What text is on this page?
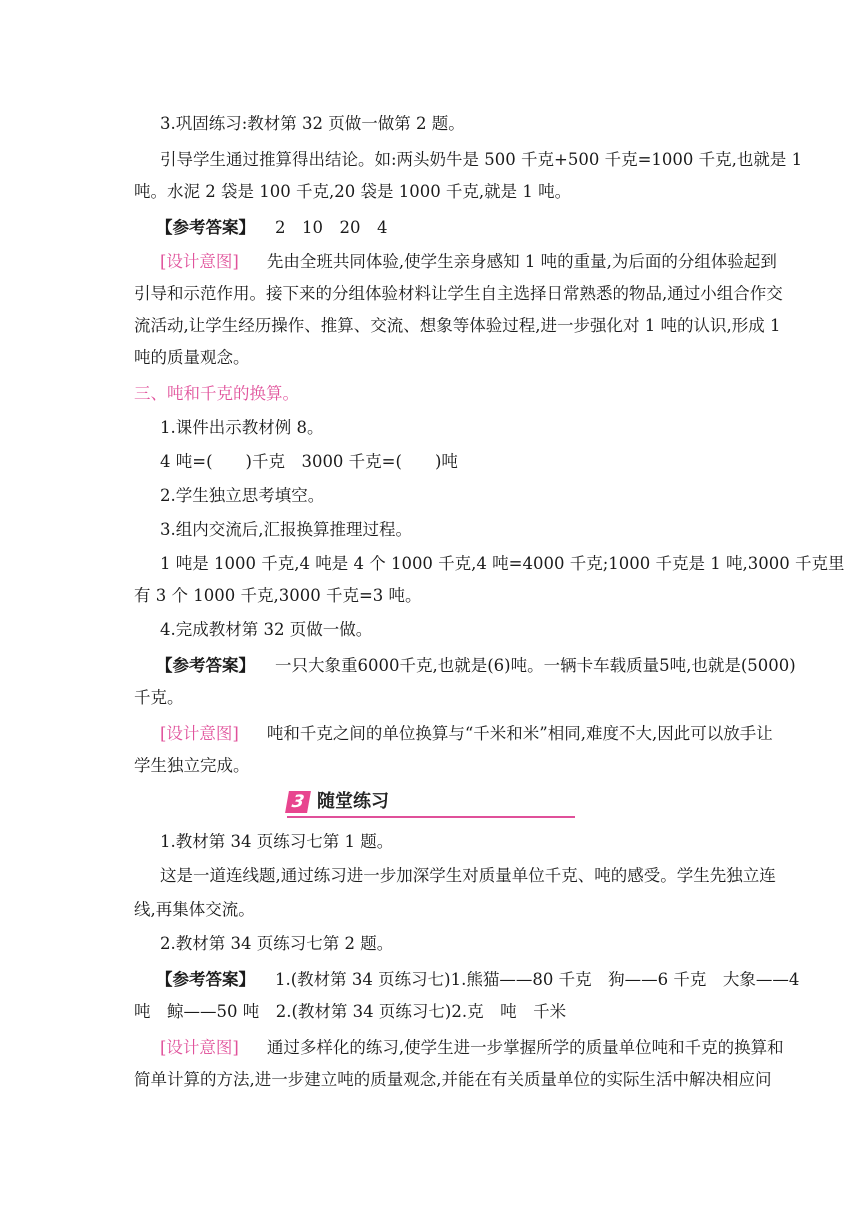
3.巩固练习:教材第 32 页做一做第 2 题。
引导学生通过推算得出结论。如:两头奶牛是 500 千克+500 千克=1000 千克,也就是 1
吨。水泥 2 袋是 100 千克,20 袋是 1000 千克,就是 1 吨。
【参考答案】 2　10　20　4
[设计意图] 先由全班共同体验,使学生亲身感知 1 吨的重量,为后面的分组体验起到
引导和示范作用。接下来的分组体验材料让学生自主选择日常熟悉的物品,通过小组合作交
流活动,让学生经历操作、推算、交流、想象等体验过程,进一步强化对 1 吨的认识,形成 1
吨的质量观念。
三、吨和千克的换算。
1.课件出示教材例 8。
4 吨=(　　)千克　3000 千克=(　　)吨
2.学生独立思考填空。
3.组内交流后,汇报换算推理过程。
1 吨是 1000 千克,4 吨是 4 个 1000 千克,4 吨=4000 千克;1000 千克是 1 吨,3000 千克里
有 3 个 1000 千克,3000 千克=3 吨。
4.完成教材第 32 页做一做。
【参考答案】 一只大象重6000千克,也就是(6)吨。一辆卡车载质量5吨,也就是(5000)
千克。
[设计意图] 吨和千克之间的单位换算与“千米和米”相同,难度不大,因此可以放手让
学生独立完成。
3 随堂练习
1.教材第 34 页练习七第 1 题。
这是一道连线题,通过练习进一步加深学生对质量单位千克、吨的感受。学生先独立连
线,再集体交流。
2.教材第 34 页练习七第 2 题。
【参考答案】 1.(教材第 34 页练习七)1.熊猫——80 千克　狗——6 千克　大象——4
吨　鲸——50 吨　2.(教材第 34 页练习七)2.克　吨　千米
[设计意图] 通过多样化的练习,使学生进一步掌握所学的质量单位吨和千克的换算和
简单计算的方法,进一步建立吨的质量观念,并能在有关质量单位的实际生活中解决相应问
